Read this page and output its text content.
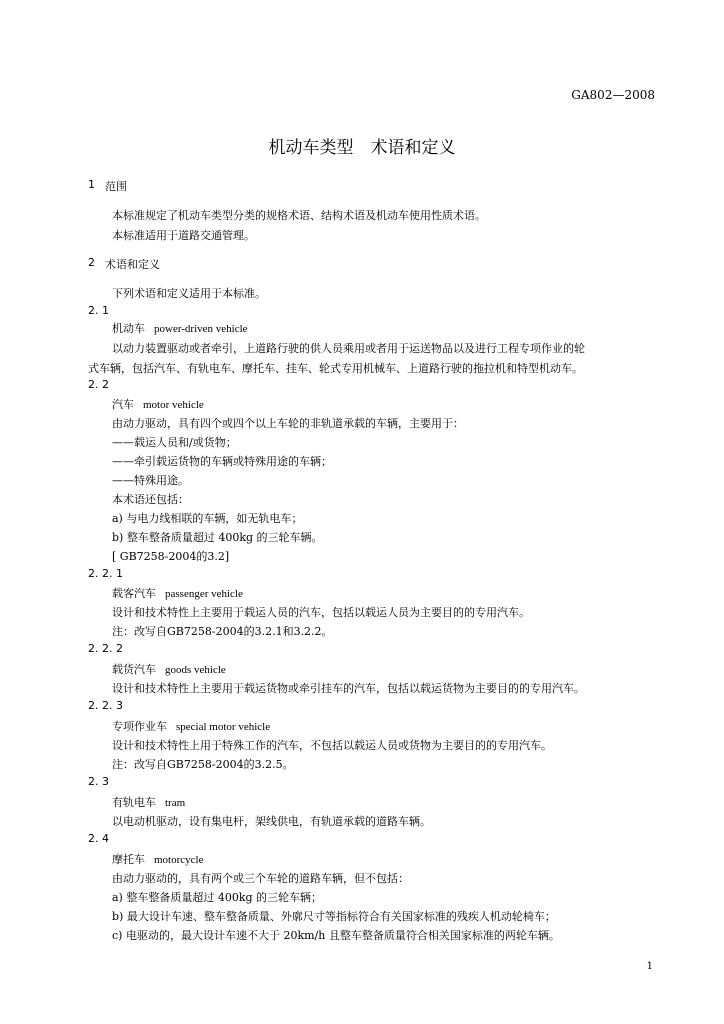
GA802—2008
机动车类型　术语和定义
1 范围
本标准规定了机动车类型分类的规格术语、结构术语及机动车使用性质术语。
本标准适用于道路交通管理。
2 术语和定义
下列术语和定义适用于本标准。
2. 1
机动车 power-driven vehicle
以动力装置驱动或者牵引，上道路行驶的供人员乘用或者用于运送物品以及进行工程专项作业的轮
式车辆，包括汽车、有轨电车、摩托车、挂车、轮式专用机械车、上道路行驶的拖拉机和特型机动车。
2. 2
汽车 motor vehicle
由动力驱动，具有四个或四个以上车轮的非轨道承载的车辆，主要用于：
——载运人员和/或货物；
——牵引载运货物的车辆或特殊用途的车辆；
——特殊用途。
本术语还包括：
a) 与电力线相联的车辆，如无轨电车；
b) 整车整备质量超过 400kg 的三轮车辆。
[ GB7258-2004的3.2]
2. 2. 1
载客汽车 passenger vehicle
设计和技术特性上主要用于载运人员的汽车，包括以载运人员为主要目的的专用汽车。
注：改写自GB7258-2004的3.2.1和3.2.2。
2. 2. 2
载货汽车 goods vehicle
设计和技术特性上主要用于载运货物或牵引挂车的汽车，包括以载运货物为主要目的的专用汽车。
2. 2. 3
专项作业车 special motor vehicle
设计和技术特性上用于特殊工作的汽车，不包括以载运人员或货物为主要目的的专用汽车。
注：改写自GB7258-2004的3.2.5。
2. 3
有轨电车 tram
以电动机驱动，设有集电杆，架线供电，有轨道承载的道路车辆。
2. 4
摩托车 motorcycle
由动力驱动的，具有两个或三个车轮的道路车辆，但不包括：
a) 整车整备质量超过 400kg 的三轮车辆；
b) 最大设计车速、整车整备质量、外廓尺寸等指标符合有关国家标准的残疾人机动轮椅车；
c) 电驱动的，最大设计车速不大于 20km/h 且整车整备质量符合相关国家标准的两轮车辆。
1
